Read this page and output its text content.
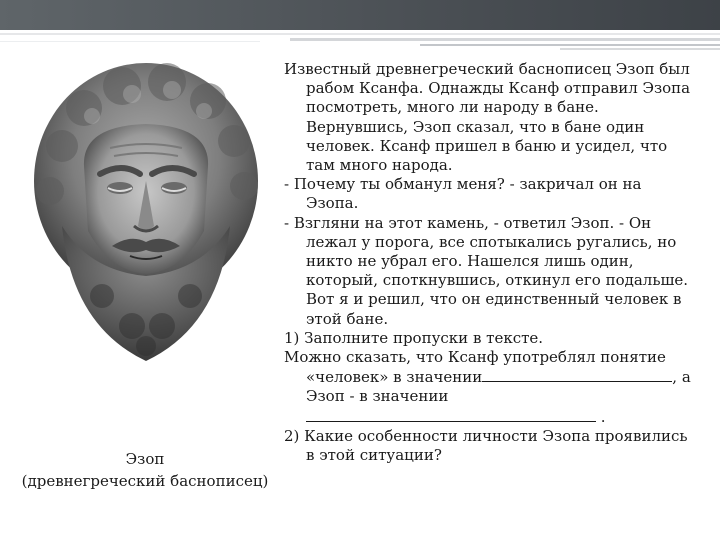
Эзоп
(древнегреческий баснописец)

Известный древнегреческий баснописец Эзоп был рабом Ксанфа. Однажды Ксанф отправил Эзопа посмотреть, много ли народу в бане. Вернувшись, Эзоп сказал, что в бане один человек. Ксанф пришел в баню и усидел, что там много народа.

- Почему ты обманул меня? - закричал он на Эзопа.

- Взгляни на этот камень, - ответил Эзоп. - Он лежал у порога, все спотыкались ругались, но никто не убрал его. Нашелся лишь один, который, споткнувшись, откинул его подальше. Вот я и решил, что он единственный человек в этой бане.

1) Заполните пропуски в тексте.

Можно сказать, что Ксанф употреблял понятие «человек» в значении	, а Эзоп - в значении  .

2) Какие особенности личности Эзопа проявились в этой ситуации?
